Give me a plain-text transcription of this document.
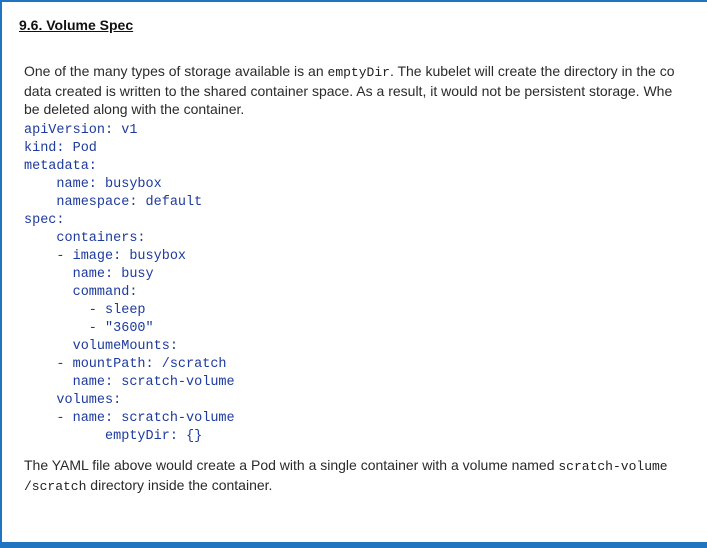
9.6. Volume Spec
One of the many types of storage available is an emptyDir. The kubelet will create the directory in the co
data created is written to the shared container space. As a result, it would not be persistent storage. Whe
be deleted along with the container.
apiVersion: v1
kind: Pod
metadata:
name: busybox
namespace: default
spec:
containers:
- image: busybox
name: busy
command:
- sleep
- "3600"
volumeMounts:
- mountPath: /scratch
name: scratch-volume
volumes:
- name: scratch-volume
emptyDir: {}
The YAML file above would create a Pod with a single container with a volume named scratch-volume
/scratch directory inside the container.
